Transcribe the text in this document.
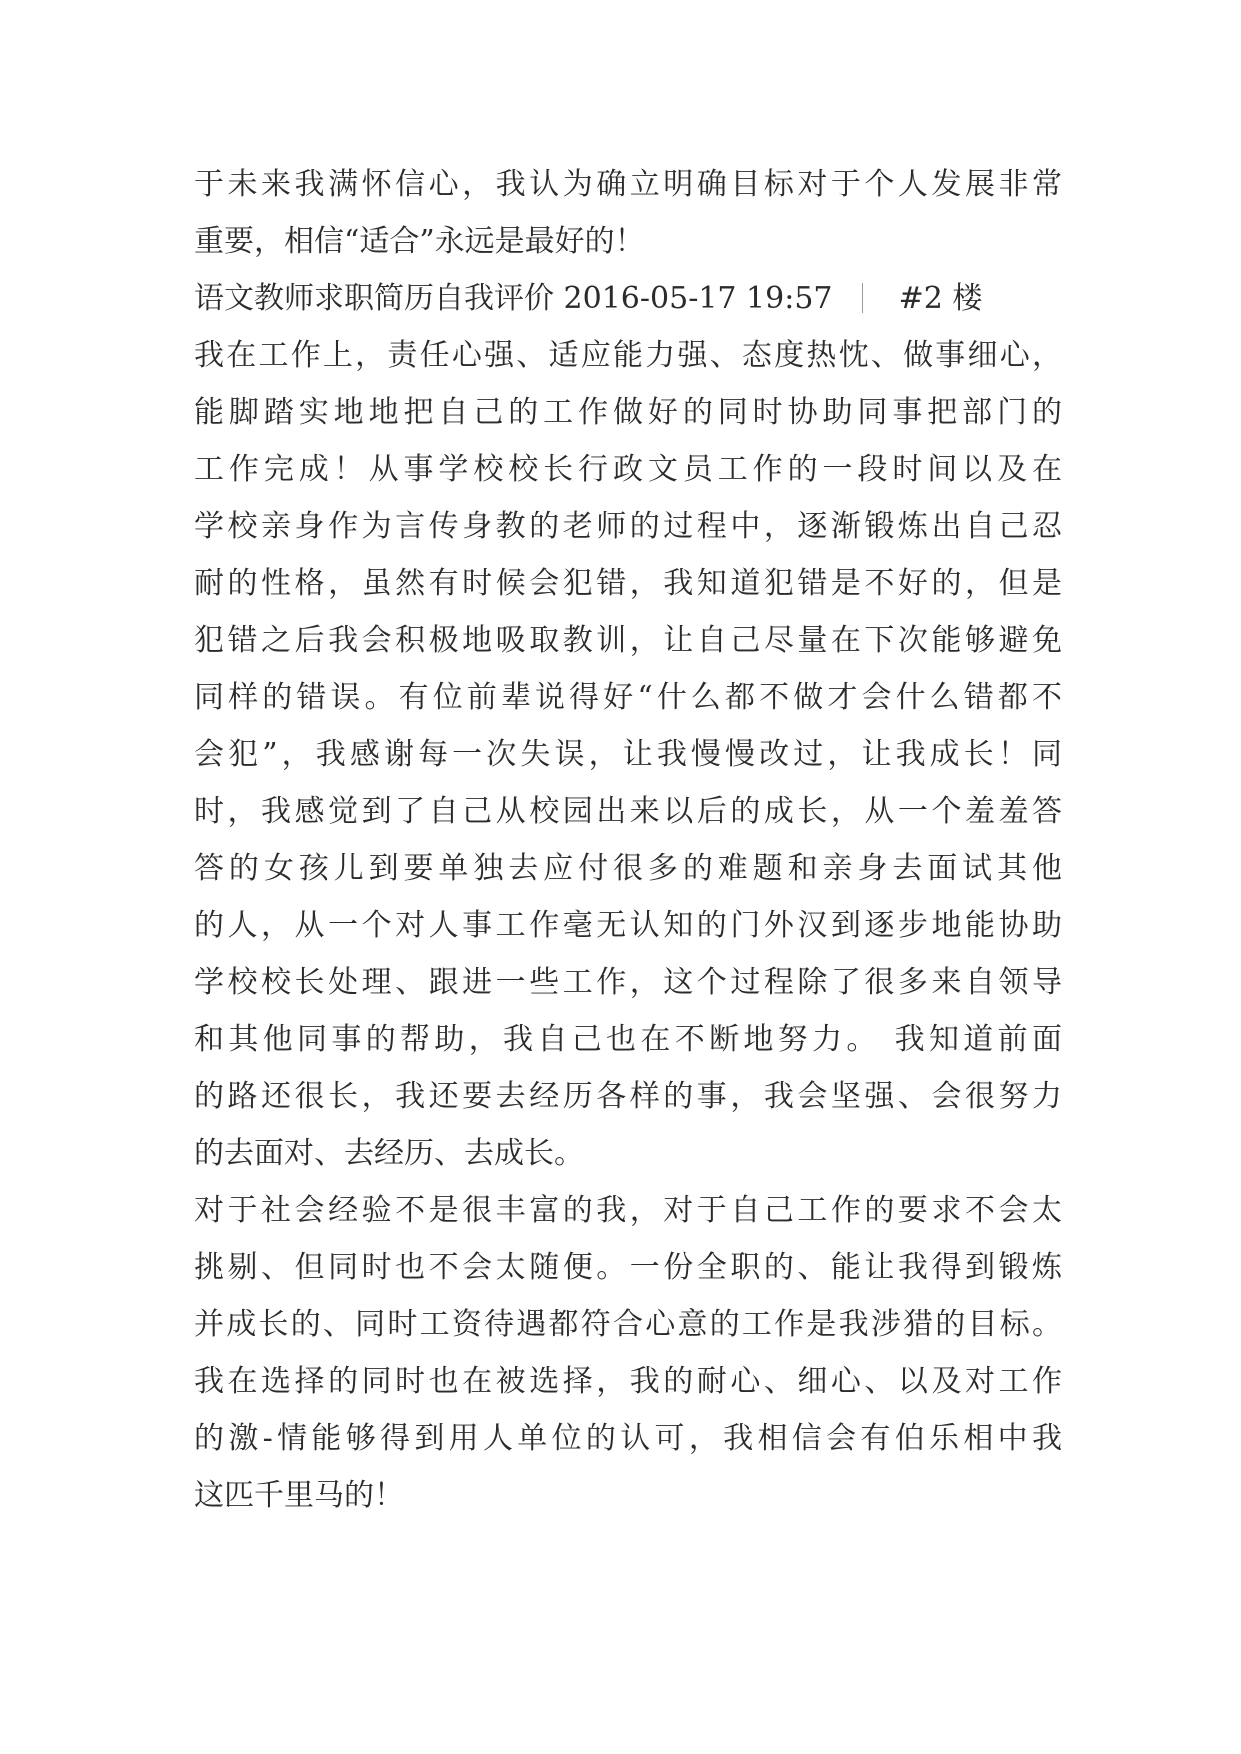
于未来我满怀信心，我认为确立明确目标对于个人发展非常
重要，相信“适合”永远是最好的！
语文教师求职简历自我评价 2016-05-17 19:57 #2 楼
我在工作上，责任心强、适应能力强、态度热忱、做事细心，
能脚踏实地地把自己的工作做好的同时协助同事把部门的
工作完成！从事学校校长行政文员工作的一段时间以及在
学校亲身作为言传身教的老师的过程中，逐渐锻炼出自己忍
耐的性格，虽然有时候会犯错，我知道犯错是不好的，但是
犯错之后我会积极地吸取教训，让自己尽量在下次能够避免
同样的错误。有位前辈说得好“什么都不做才会什么错都不
会犯”，我感谢每一次失误，让我慢慢改过，让我成长！同
时，我感觉到了自己从校园出来以后的成长，从一个羞羞答
答的女孩儿到要单独去应付很多的难题和亲身去面试其他
的人，从一个对人事工作毫无认知的门外汉到逐步地能协助
学校校长处理、跟进一些工作，这个过程除了很多来自领导
和其他同事的帮助，我自己也在不断地努力。 我知道前面
的路还很长，我还要去经历各样的事，我会坚强、会很努力
的去面对、去经历、去成长。
对于社会经验不是很丰富的我，对于自己工作的要求不会太
挑剔、但同时也不会太随便。一份全职的、能让我得到锻炼
并成长的、同时工资待遇都符合心意的工作是我涉猎的目标。
我在选择的同时也在被选择，我的耐心、细心、以及对工作
的激-情能够得到用人单位的认可，我相信会有伯乐相中我
这匹千里马的！
